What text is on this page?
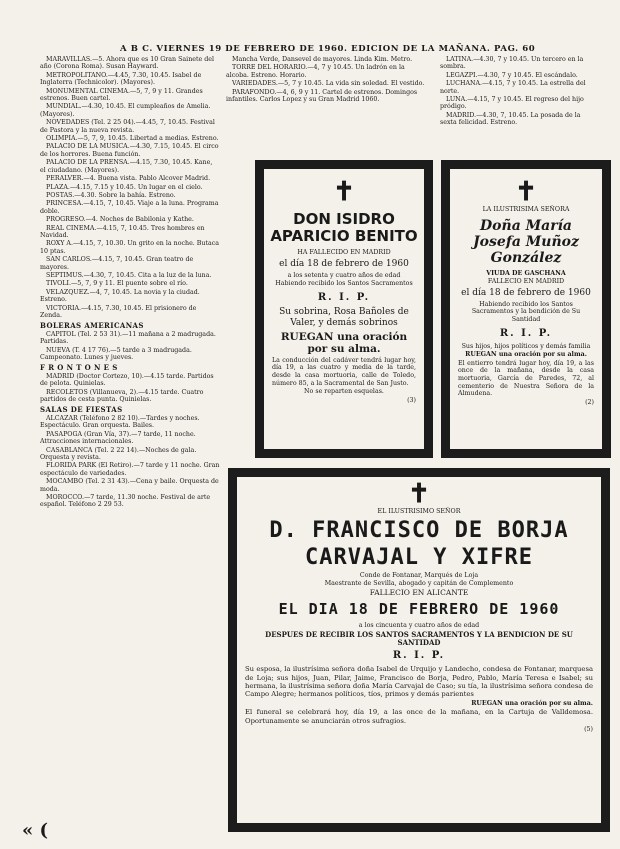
A B C. VIERNES 19 DE FEBRERO DE 1960. EDICION DE LA MAÑANA. PAG. 60

MARAVILLAS.—5. Ahora que es 10 Gran Sainete del año (Corona Roma). Susan Hayward.

METROPOLITANO.—4.45, 7.30, 10.45. Isabel de Inglaterra (Technicolor). (Mayores).

MONUMENTAL CINEMA.—5, 7, 9 y 11. Grandes estrenos. Buen cartel.

MUNDIAL.—4.30, 10.45. El cumpleaños de Amelia. (Mayores).

NOVEDADES (Tel. 2 25 04).—4.45, 7, 10.45. Festival de Pastora y la nueva revista.

OLIMPIA.—5, 7, 9, 10.45. Libertad a medias. Estreno.

PALACIO DE LA MUSICA.—4.30, 7.15, 10.45. El circo de los horrores. Buena función.

PALACIO DE LA PRENSA.—4.15, 7.30, 10.45. Kane, el ciudadano. (Mayores).

PERALVER.—4. Buena vista. Pablo Alcover Madrid.

PLAZA.—4.15, 7.15 y 10.45. Un lugar en el cielo.

POSTAS.—4.30. Sobre la bahía. Estreno.

PRINCESA.—4.15, 7, 10.45. Viaje a la luna. Programa doble.

PROGRESO.—4. Noches de Babilonia y Kathe.

REAL CINEMA.—4.15, 7, 10.45. Tres hombres en Navidad.

ROXY A.—4.15, 7, 10.30. Un grito en la noche. Butaca 10 ptas.

SAN CARLOS.—4.15, 7, 10.45. Gran teatro de mayores.

SEPTIMUS.—4.30, 7, 10.45. Cita a la luz de la luna.

TIVOLI.—5, 7, 9 y 11. El puente sobre el río.

VELAZQUEZ.—4, 7, 10.45. La novia y la ciudad. Estreno.

VICTORIA.—4.15, 7.30, 10.45. El prisionero de Zenda.

BOLERAS AMERICANAS

CAPITOL (Tel. 2 53 31).—11 mañana a 2 madrugada. Partidas.

NUEVA (T. 4 17 76).—5 tarde a 3 madrugada. Campeonato. Lunes y jueves.

F R O N T O N E S

MADRID (Doctor Cortezo, 10).—4.15 tarde. Partidos de pelota. Quinielas.

RECOLETOS (Villanueva, 2).—4.15 tarde. Cuatro partidos de cesta punta. Quinielas.

SALAS DE FIESTAS

ALCAZAR (Teléfono 2 82 10).—Tardes y noches. Espectáculo. Gran orquesta. Bailes.

PASAPOGA (Gran Vía, 37).—7 tarde, 11 noche. Attracciones internacionales.

CASABLANCA (Tel. 2 22 14).—Noches de gala. Orquesta y revista.

FLORIDA PARK (El Retiro).—7 tarde y 11 noche. Gran espectáculo de variedades.

MOCAMBO (Tel. 2 31 43).—Cena y baile. Orquesta de moda.

MOROCCO.—7 tarde, 11.30 noche. Festival de arte español. Teléfono 2 29 53.

Mancha Verde, Dansevel de mayores. Linda Kim. Metro.

TORRE DEL HORARIO.—4, 7 y 10.45. Un ladrón en la alcoba. Estreno. Horario.

VARIEDADES.—5, 7 y 10.45. La vida sin soledad. El vestido.

PARAFONDO.—4, 6, 9 y 11. Cartel de estrenos. Domingos infantiles. Carlos Lopez y su Gran Madrid 1060.

LATINA.—4.30, 7 y 10.45. Un tercero en la sombra.

LEGAZPI.—4.30, 7 y 10.45. El escándalo.

LUCHANA.—4.15, 7 y 10.45. La estrella del norte.

LUNA.—4.15, 7 y 10.45. El regreso del hijo pródigo.

MADRID.—4.30, 7, 10.45. La posada de la sexta felicidad. Estreno.

✝
DON ISIDRO APARICIO BENITO
HA FALLECIDO EN MADRID
el día 18 de febrero de 1960
a los setenta y cuatro años de edad
Habiendo recibido los Santos Sacramentos
R. I. P.
Su sobrina, Rosa Bañoles de Valer, y demás sobrinos
RUEGAN una oración por su alma.
La conducción del cadáver tendrá lugar hoy, día 19, a las cuatro y media de la tarde, desde la casa mortuoria, calle de Toledo, número 85, a la Sacramental de San Justo.
No se reparten esquelas.
(3)
✝
LA ILUSTRISIMA SEÑORA
Doña María Josefa Muñoz González
VIUDA DE GASCHANA
FALLECIO EN MADRID
el día 18 de febrero de 1960
Habiendo recibido los Santos Sacramentos y la bendición de Su Santidad
R. I. P.
Sus hijos, hijos políticos y demás familia
RUEGAN una oración por su alma.
El entierro tendrá lugar hoy, día 19, a las once de la mañana, desde la casa mortuoria, García de Paredes, 72, al cementerio de Nuestra Señora de la Almudena.
(2)
✝
EL ILUSTRISIMO SEÑOR
D. FRANCISCO DE BORJA
CARVAJAL Y XIFRE
Conde de Fontanar, Marqués de Loja
Maestrante de Sevilla, abogado y capitán de Complemento
FALLECIO EN ALICANTE
EL DIA 18 DE FEBRERO DE 1960
a los cincuenta y cuatro años de edad
DESPUES DE RECIBIR LOS SANTOS SACRAMENTOS Y LA BENDICION DE SU SANTIDAD
R. I. P.
Su esposa, la ilustrísima señora doña Isabel de Urquijo y Landecho, condesa de Fontanar, marquesa de Loja; sus hijos, Juan, Pilar, Jaime, Francisco de Borja, Pedro, Pablo, María Teresa e Isabel; su hermana, la ilustrísima señora doña María Carvajal de Caso; su tía, la ilustrísima señora condesa de Campo Alegre; hermanos políticos, tíos, primos y demás parientes
RUEGAN una oración por su alma.
El funeral se celebrará hoy, día 19, a las once de la mañana, en la Cartuja de Valldemosa. Oportunamente se anunciarán otros sufragios.
(5)
« (
